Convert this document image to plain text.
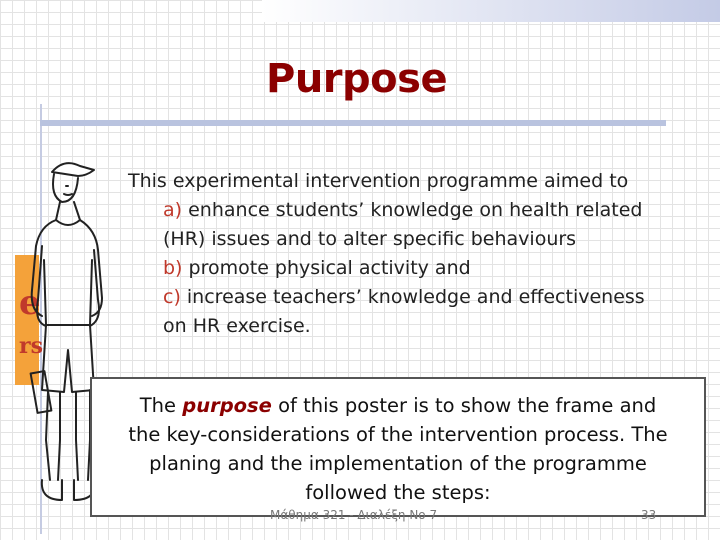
e
rs
Purpose
This experimental intervention programme aimed to
a) enhance students’ knowledge on health related
(HR) issues and to alter specific behaviours
b) promote physical activity and
c) increase teachers’ knowledge and effectiveness
on HR exercise.
The purpose of this poster is to show the frame and
the key-considerations of the intervention process. The
planing and the implementation of the programme
followed the steps:
Μάθημα 321 - Διαλέξη Νο 7	33
